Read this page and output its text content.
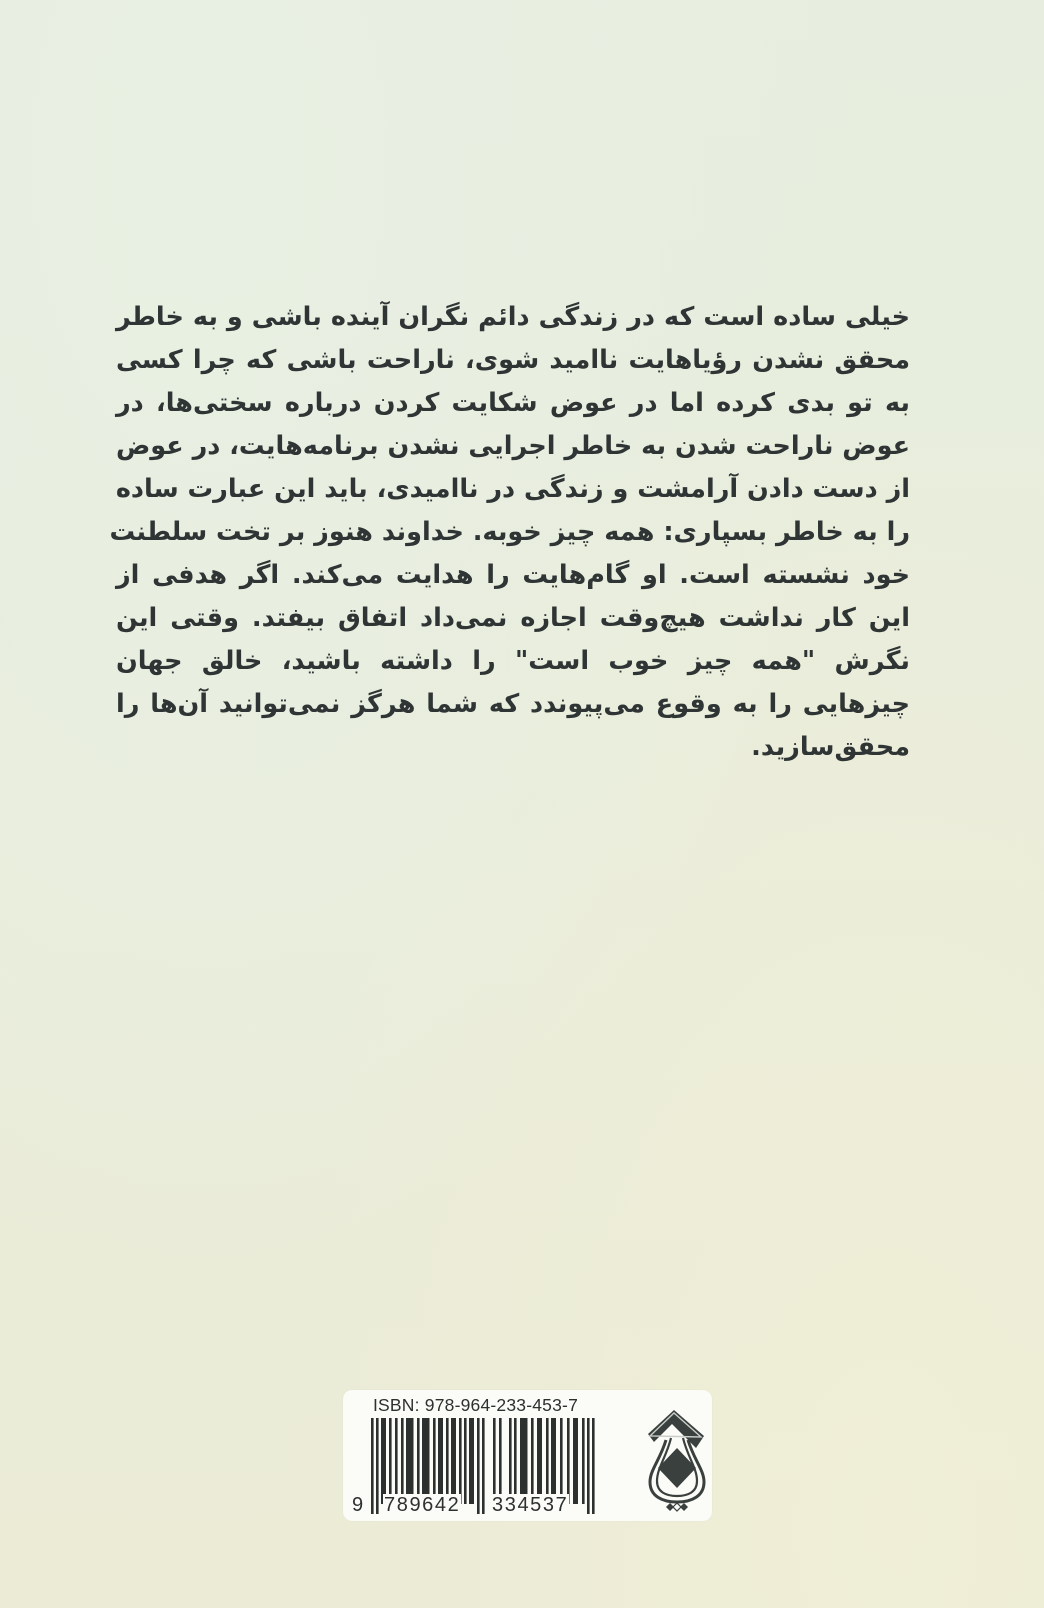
خیلی ساده است که در زندگی دائم نگران آینده باشی و به خاطر
محقق نشدن رؤیاهایت ناامید شوی، ناراحت باشی که چرا کسی
به تو بدی کرده اما در عوض شکایت کردن درباره سختی‌ها، در
عوض ناراحت شدن به خاطر اجرایی نشدن برنامه‌هایت، در عوض
از دست دادن آرامشت و زندگی در ناامیدی، باید این عبارت ساده
را به خاطر بسپاری: همه چیز خوبه. خداوند هنوز بر تخت سلطنت
خود نشسته است. او گام‌هایت را هدایت می‌کند. اگر هدفی از
این کار نداشت هیچ‌وقت اجازه نمی‌داد اتفاق بیفتد. وقتی این
نگرش "همه چیز خوب است" را داشته باشید، خالق جهان
چیزهایی را به وقوع می‌پیوندد که شما هرگز نمی‌توانید آن‌ها را
محقق‌سازید.
ISBN: 978-964-233-453-7
9 789642 334537
